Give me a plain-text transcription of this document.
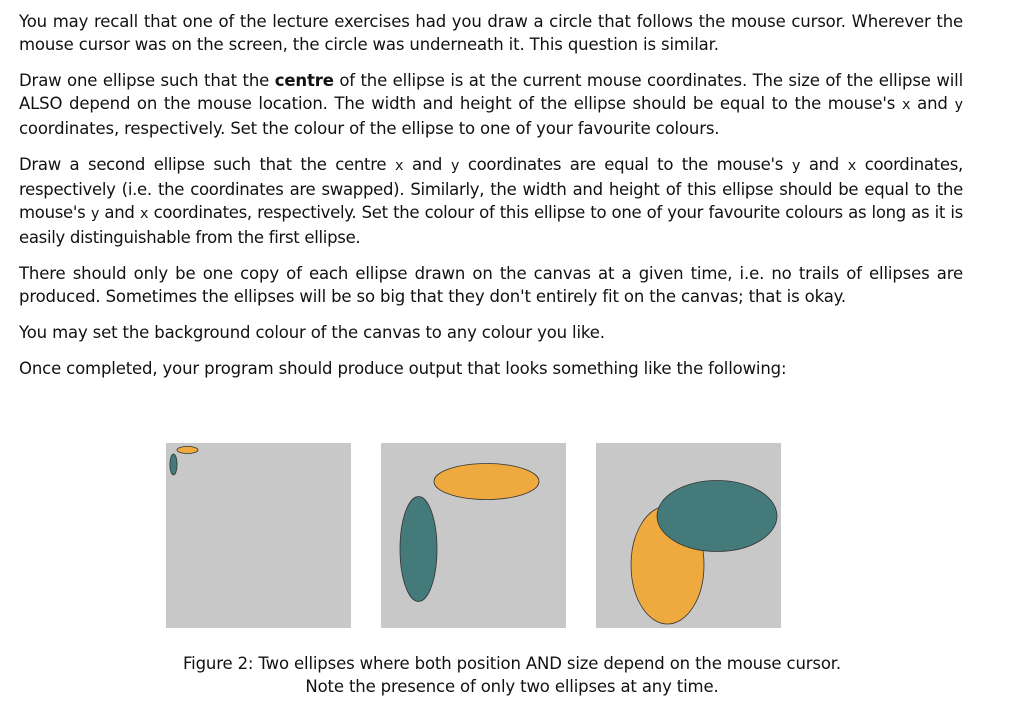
You may recall that one of the lecture exercises had you draw a circle that follows the mouse cursor. Wherever the mouse cursor was on the screen, the circle was underneath it. This question is similar.

Draw one ellipse such that the centre of the ellipse is at the current mouse coordinates. The size of the ellipse will ALSO depend on the mouse location. The width and height of the ellipse should be equal to the mouse's x and y coordinates, respectively. Set the colour of the ellipse to one of your favourite colours.

Draw a second ellipse such that the centre x and y coordinates are equal to the mouse's y and x coordinates, respectively (i.e. the coordinates are swapped). Similarly, the width and height of this ellipse should be equal to the mouse's y and x coordinates, respectively. Set the colour of this ellipse to one of your favourite colours as long as it is easily distinguishable from the first ellipse.

There should only be one copy of each ellipse drawn on the canvas at a given time, i.e. no trails of ellipses are produced. Sometimes the ellipses will be so big that they don't entirely fit on the canvas; that is okay.

You may set the background colour of the canvas to any colour you like.

Once completed, your program should produce output that looks something like the following:

Figure 2: Two ellipses where both position AND size depend on the mouse cursor.
Note the presence of only two ellipses at any time.
